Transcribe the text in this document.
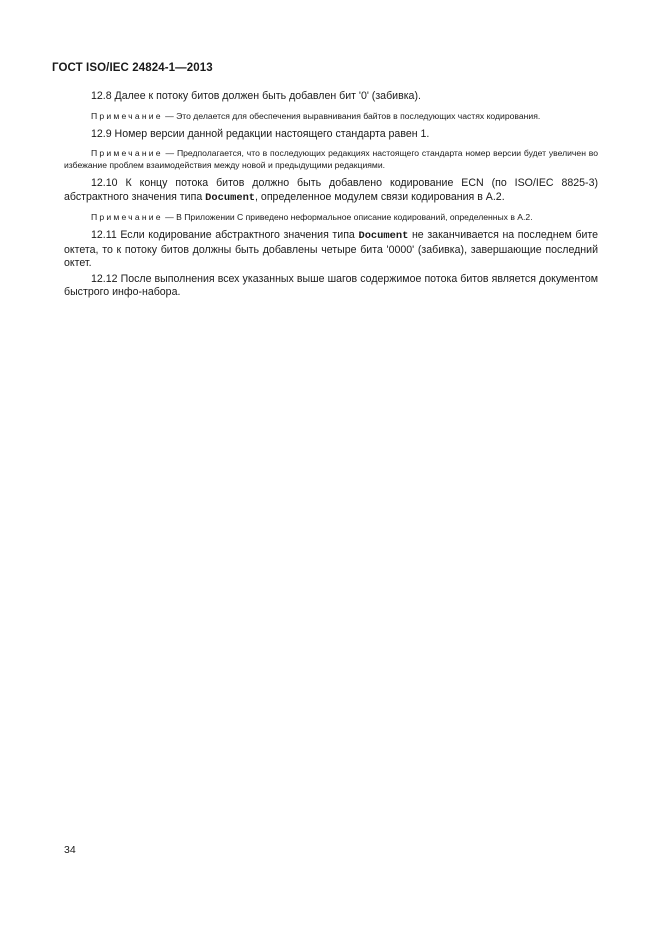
ГОСТ ISO/IEC 24824-1—2013

12.8 Далее к потоку битов должен быть добавлен бит '0' (забивка).

Примечание — Это делается для обеспечения выравнивания байтов в последующих частях кодирования.

12.9 Номер версии данной редакции настоящего стандарта равен 1.

Примечание — Предполагается, что в последующих редакциях настоящего стандарта номер версии будет увеличен во избежание проблем взаимодействия между новой и предыдущими редакциями.

12.10 К концу потока битов должно быть добавлено кодирование ECN (по ISO/IEC 8825-3) абстрактного значения типа Document, определенное модулем связи кодирования в А.2.

Примечание — В Приложении С приведено неформальное описание кодирований, определенных в А.2.

12.11 Если кодирование абстрактного значения типа Document не заканчивается на последнем бите октета, то к потоку битов должны быть добавлены четыре бита '0000' (забивка), завершающие последний октет.

12.12 После выполнения всех указанных выше шагов содержимое потока битов является документом быстрого инфо-набора.

34
